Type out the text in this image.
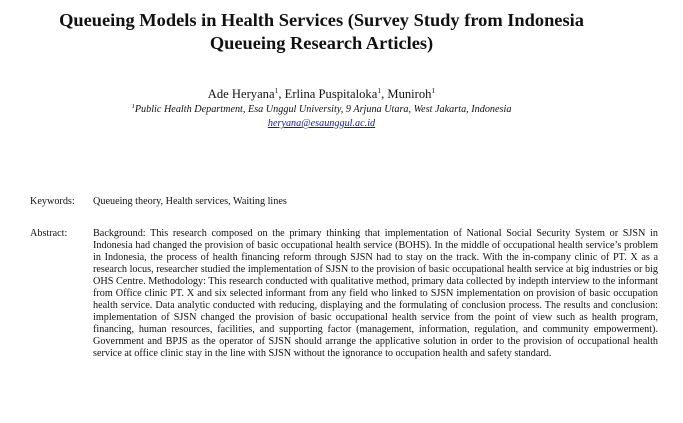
Queueing Models in Health Services (Survey Study from Indonesia
Queueing Research Articles)
Ade Heryana$^1$, Erlina Puspitaloka$^1$, Muniroh$^1$
$^1$Public Health Department, Esa Unggul University, 9 Arjuna Utara, West Jakarta, Indonesia
heryana@esaunggul.ac.id
Keywords: Queueing theory, Health services, Waiting lines
Abstract:	Background: This research composed on the primary thinking that implementation of National Social Security System or SJSN in Indonesia had changed the provision of basic occupational health service (BOHS). In the middle of occupational health service’s problem in Indonesia, the process of health financing reform through SJSN had to stay on the track. With the in-company clinic of PT. X as a research locus, researcher studied the implementation of SJSN to the provision of basic occupational health service at big industries or big OHS Centre. Methodology: This research conducted with qualitative method, primary data collected by indepth interview to the informant from Office clinic PT. X and six selected informant from any field who linked to SJSN implementation on provision of basic occupation health service. Data analytic conducted with reducing, displaying and the formulating of conclusion process. The results and conclusion: implementation of SJSN changed the provision of basic occupational health service from the point of view such as health program, financing, human resources, facilities, and supporting factor (management, information, regulation, and community empowerment). Government and BPJS as the operator of SJSN should arrange the applicative solution in order to the provision of occupational health service at office clinic stay in the line with SJSN without the ignorance to occupation health and safety standard.
